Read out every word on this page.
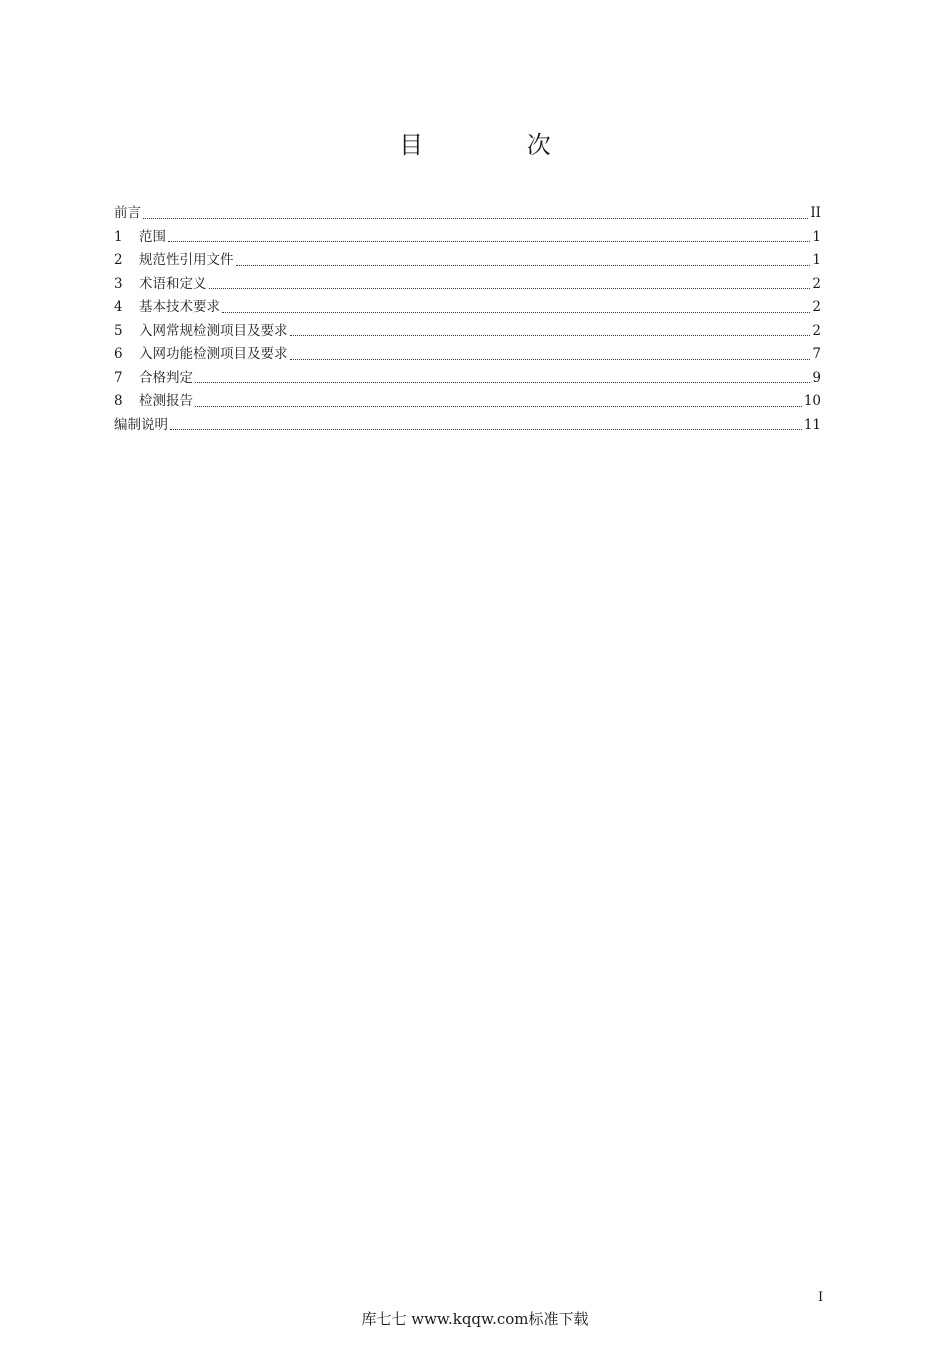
目 次
前言	II
1	范围	1
2	规范性引用文件	1
3	术语和定义	2
4	基本技术要求	2
5	入网常规检测项目及要求	2
6	入网功能检测项目及要求	7
7	合格判定	9
8	检测报告	10
编制说明	11
I
库七七 www.kqqw.com标准下载
